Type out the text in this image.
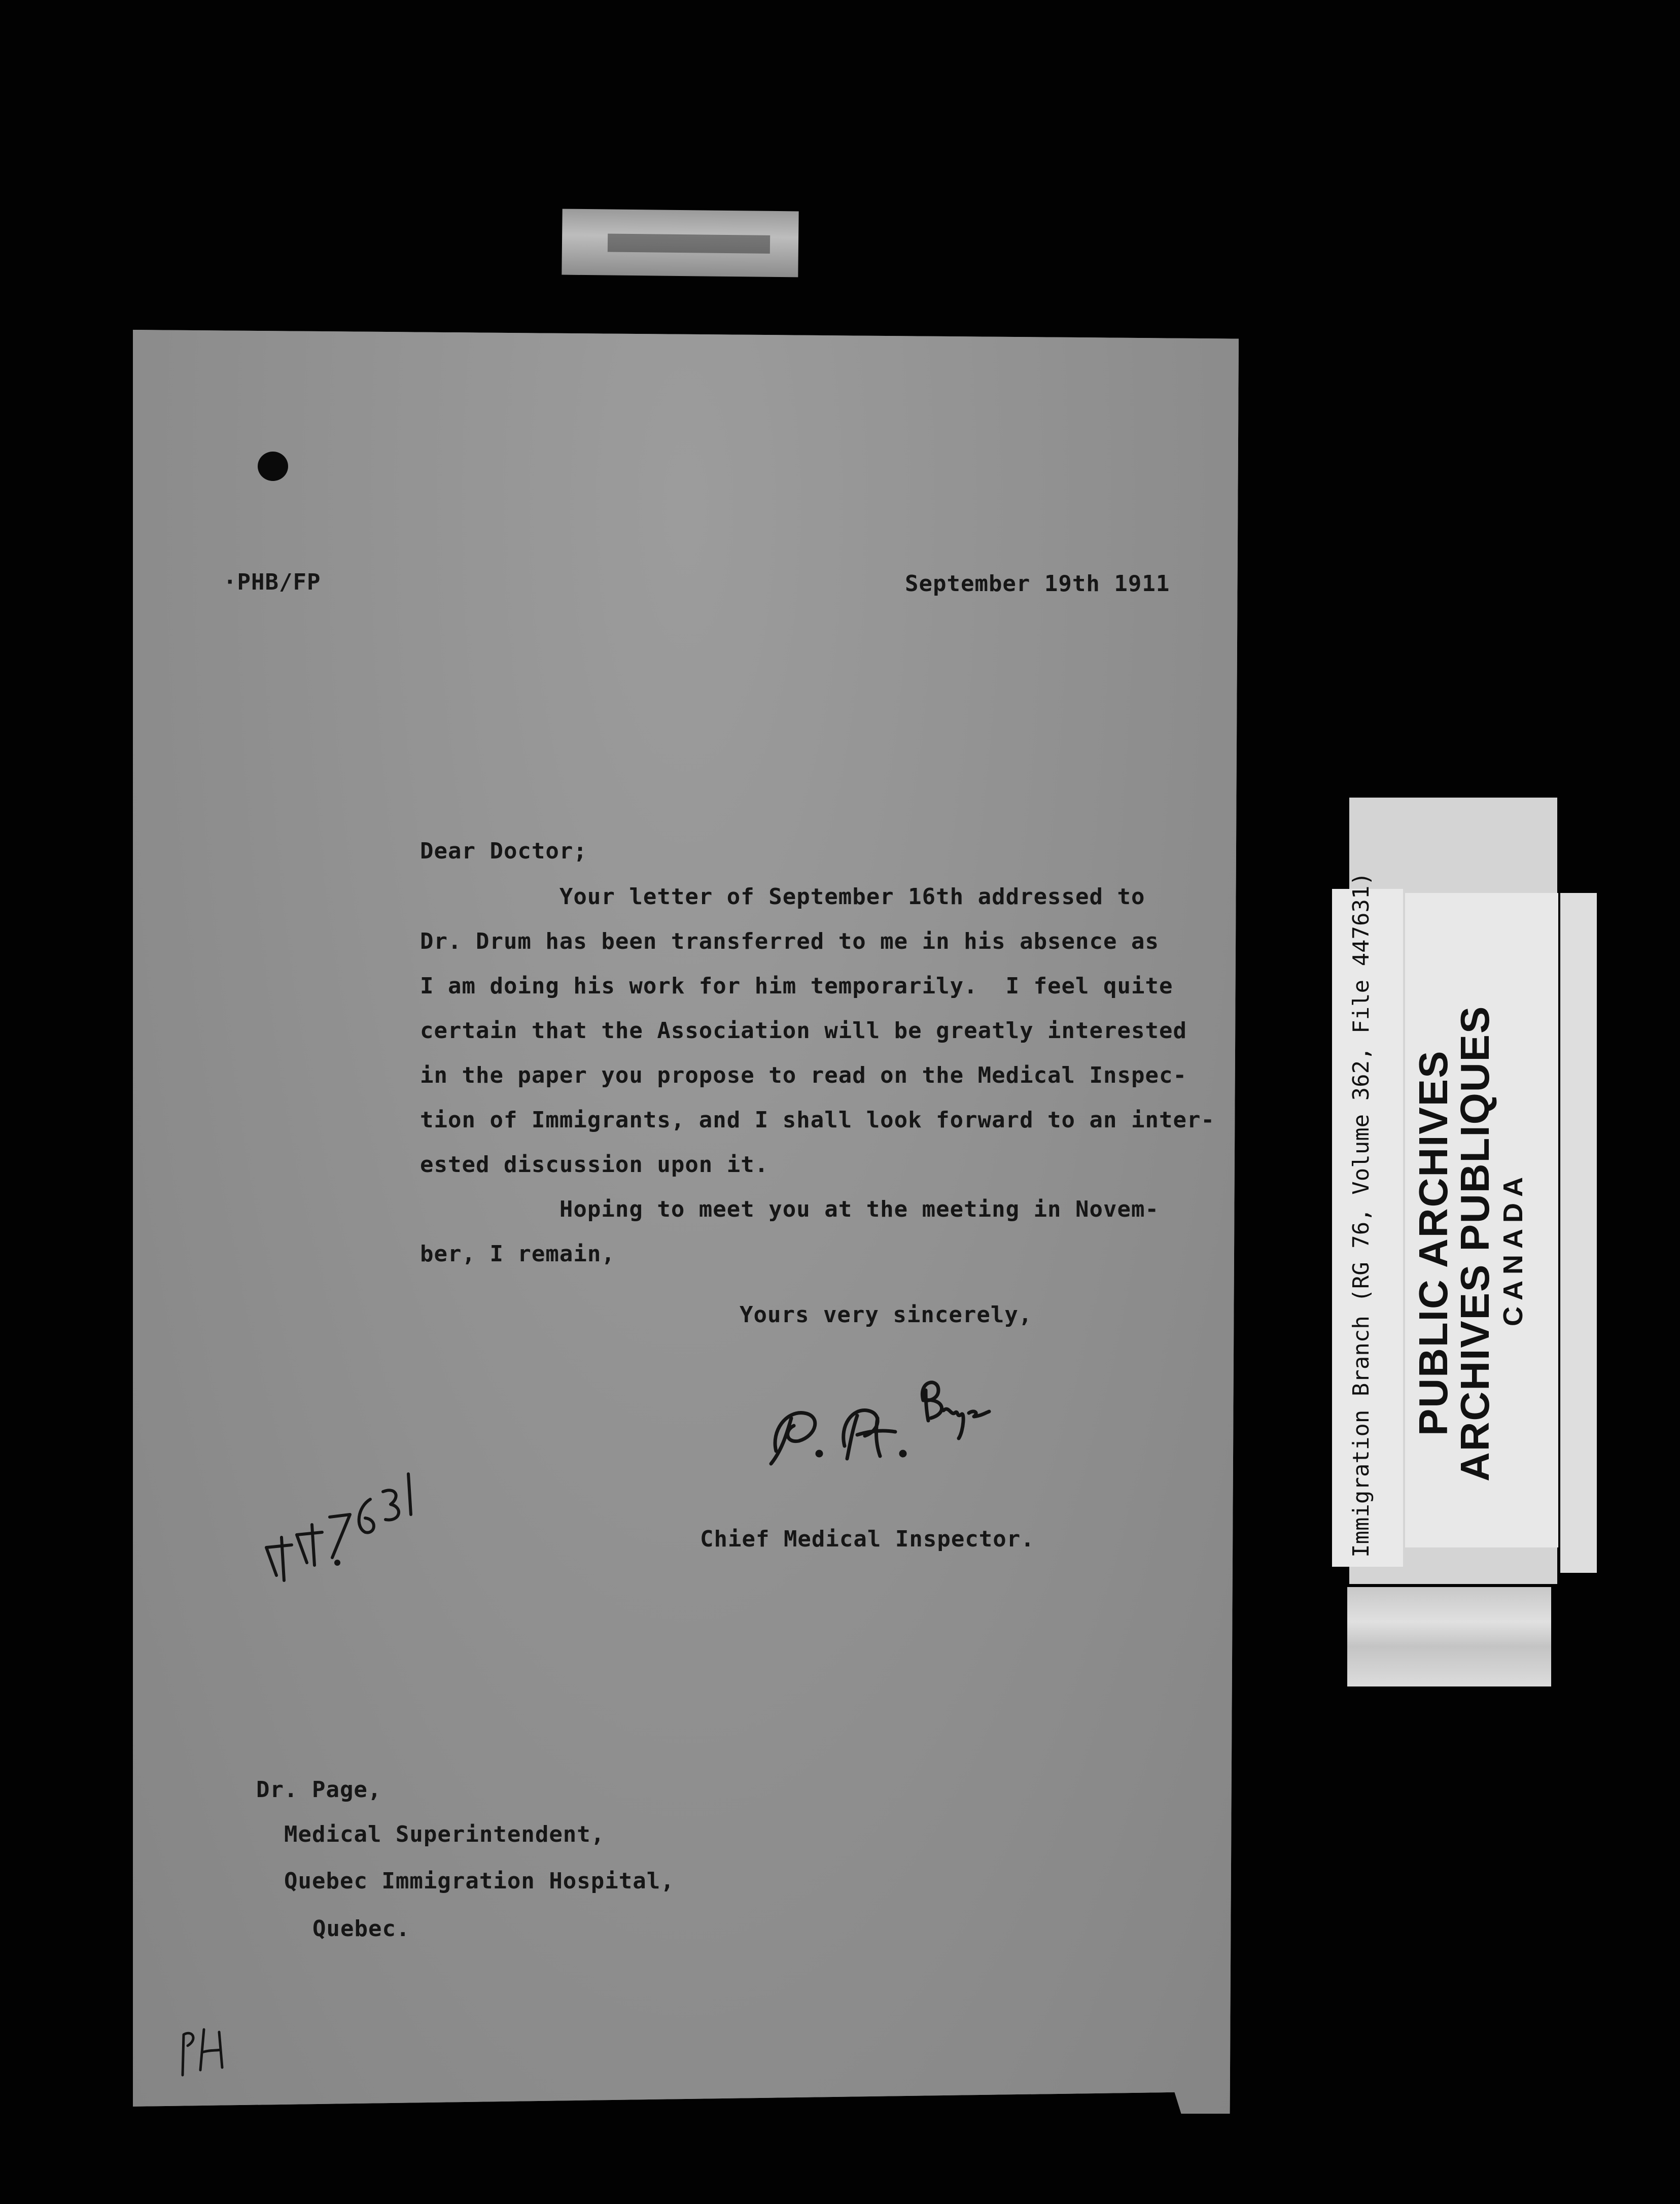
·PHB/FP	September 19th 1911
Dear Doctor;
Your letter of September 16th addressed to
Dr. Drum has been transferred to me in his absence as
I am doing his work for him temporarily.  I feel quite
certain that the Association will be greatly interested
in the paper you propose to read on the Medical Inspec-
tion of Immigrants, and I shall look forward to an inter-
ested discussion upon it.
Hoping to meet you at the meeting in Novem-
ber, I remain,
Yours very sincerely,
Chief Medical Inspector.
Dr. Page,
Medical Superintendent,
Quebec Immigration Hospital,
Quebec.
Immigration Branch (RG 76, Volume 362, File 447631) PUBLIC ARCHIVES
ARCHIVES PUBLIQUES CANADA
